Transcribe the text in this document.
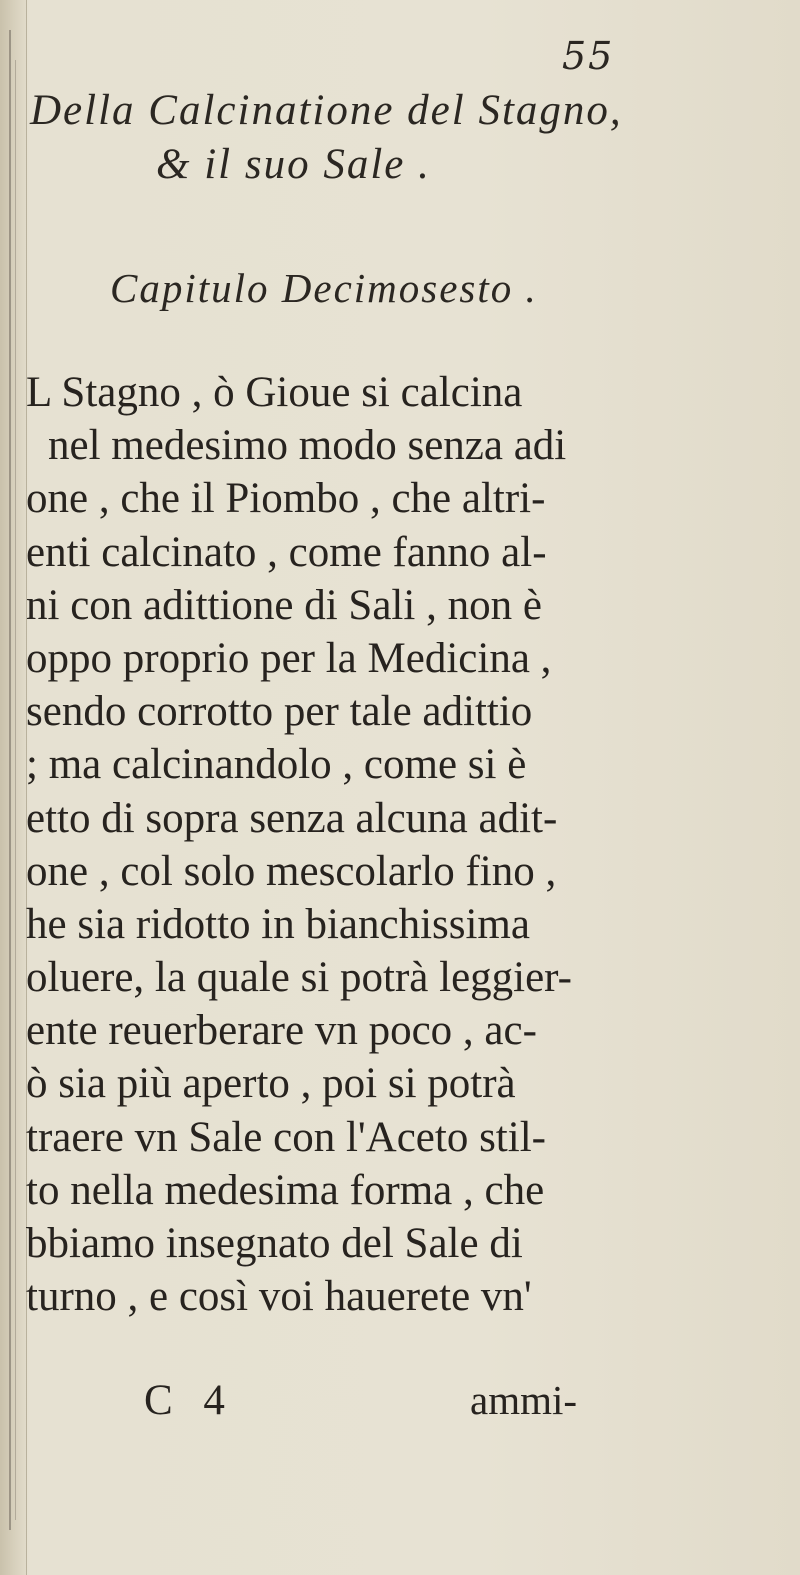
55
Della Calcinatione del Stagno,
& il suo Sale .
Capitulo Decimosesto .
L Stagno , ò Gioue si calcina
nel medesimo modo senza adi
one , che il Piombo , che altri-
enti calcinato , come fanno al-
ni con adittione di Sali , non è
oppo proprio per la Medicina ,
sendo corrotto per tale adittio
; ma calcinandolo , come si è
etto di sopra senza alcuna adit-
one , col solo mescolarlo fino ,
he sia ridotto in bianchissima
oluere, la quale si potrà leggier-
ente reuerberare vn poco , ac-
ò sia più aperto , poi si potrà
traere vn Sale con l'Aceto stil-
to nella medesima forma , che
bbiamo insegnato del Sale di
turno , e così voi hauerete vn'
C 4	ammi-
